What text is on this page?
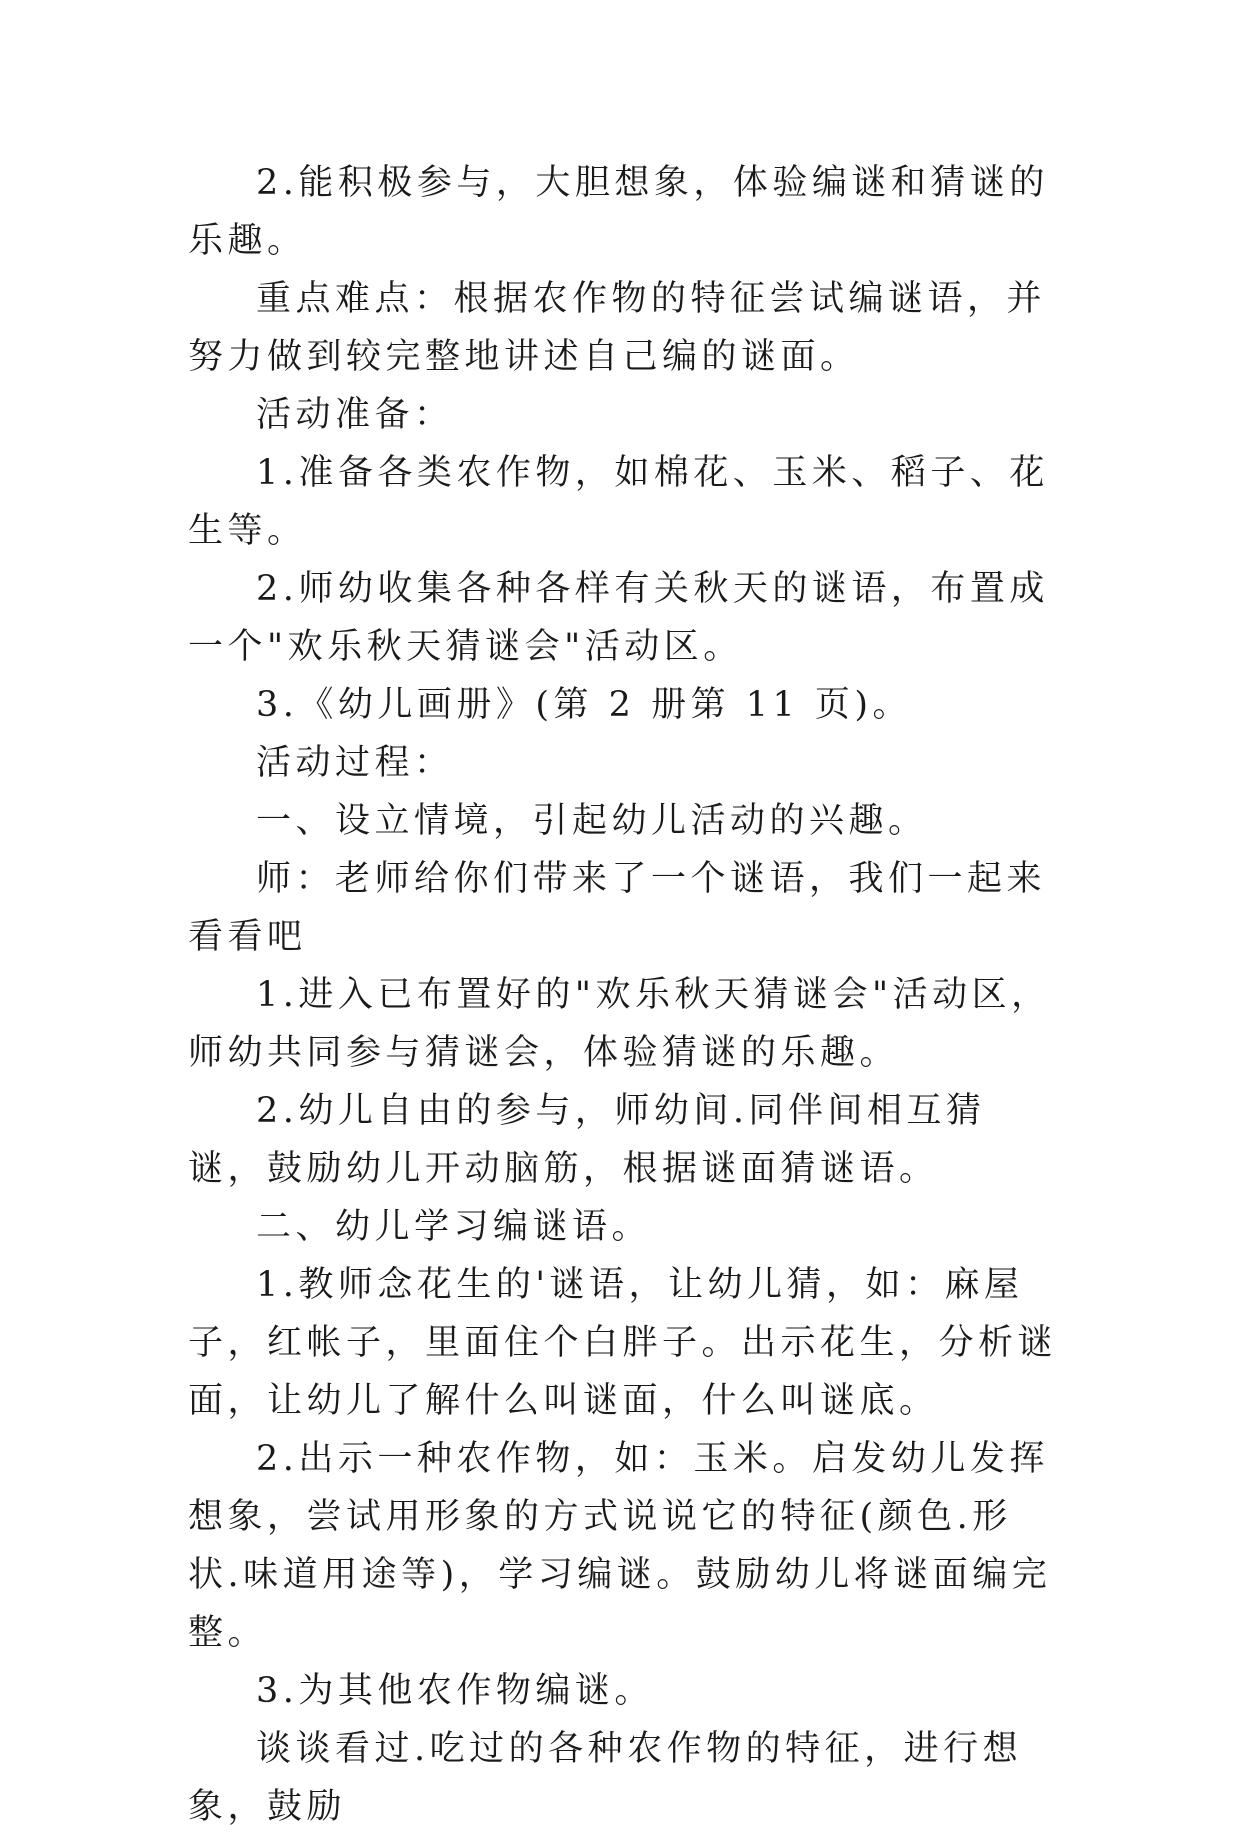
2.能积极参与，大胆想象，体验编谜和猜谜的乐趣。

重点难点：根据农作物的特征尝试编谜语，并努力做到较完整地讲述自己编的谜面。

活动准备：

1.准备各类农作物，如棉花、玉米、稻子、花生等。

2.师幼收集各种各样有关秋天的谜语，布置成一个"欢乐秋天猜谜会"活动区。

3.《幼儿画册》(第 2 册第 11 页)。

活动过程：

一、设立情境，引起幼儿活动的兴趣。

师：老师给你们带来了一个谜语，我们一起来看看吧

1.进入已布置好的"欢乐秋天猜谜会"活动区，师幼共同参与猜谜会，体验猜谜的乐趣。

2.幼儿自由的参与，师幼间.同伴间相互猜谜，鼓励幼儿开动脑筋，根据谜面猜谜语。

二、幼儿学习编谜语。

1.教师念花生的'谜语，让幼儿猜，如：麻屋子，红帐子，里面住个白胖子。出示花生，分析谜面，让幼儿了解什么叫谜面，什么叫谜底。

2.出示一种农作物，如：玉米。启发幼儿发挥想象，尝试用形象的方式说说它的特征(颜色.形状.味道用途等)，学习编谜。鼓励幼儿将谜面编完整。

3.为其他农作物编谜。

谈谈看过.吃过的各种农作物的特征，进行想象，鼓励
